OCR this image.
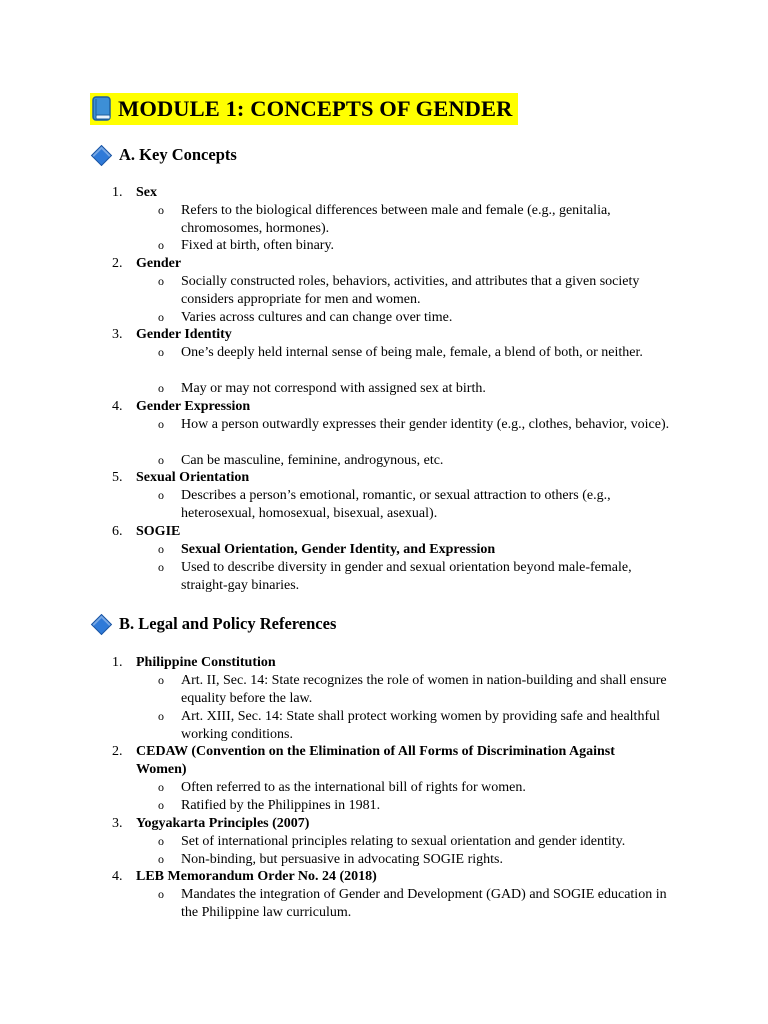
MODULE 1: CONCEPTS OF GENDER
A. Key Concepts
1. Sex
o Refers to the biological differences between male and female (e.g., genitalia, chromosomes, hormones).
o Fixed at birth, often binary.
2. Gender
o Socially constructed roles, behaviors, activities, and attributes that a given society considers appropriate for men and women.
o Varies across cultures and can change over time.
3. Gender Identity
o One’s deeply held internal sense of being male, female, a blend of both, or neither.
o May or may not correspond with assigned sex at birth.
4. Gender Expression
o How a person outwardly expresses their gender identity (e.g., clothes, behavior, voice).
o Can be masculine, feminine, androgynous, etc.
5. Sexual Orientation
o Describes a person’s emotional, romantic, or sexual attraction to others (e.g., heterosexual, homosexual, bisexual, asexual).
6. SOGIE
o Sexual Orientation, Gender Identity, and Expression
o Used to describe diversity in gender and sexual orientation beyond male-female, straight-gay binaries.
B. Legal and Policy References
1. Philippine Constitution
o Art. II, Sec. 14: State recognizes the role of women in nation-building and shall ensure equality before the law.
o Art. XIII, Sec. 14: State shall protect working women by providing safe and healthful working conditions.
2. CEDAW (Convention on the Elimination of All Forms of Discrimination Against Women)
o Often referred to as the international bill of rights for women.
o Ratified by the Philippines in 1981.
3. Yogyakarta Principles (2007)
o Set of international principles relating to sexual orientation and gender identity.
o Non-binding, but persuasive in advocating SOGIE rights.
4. LEB Memorandum Order No. 24 (2018)
o Mandates the integration of Gender and Development (GAD) and SOGIE education in the Philippine law curriculum.
